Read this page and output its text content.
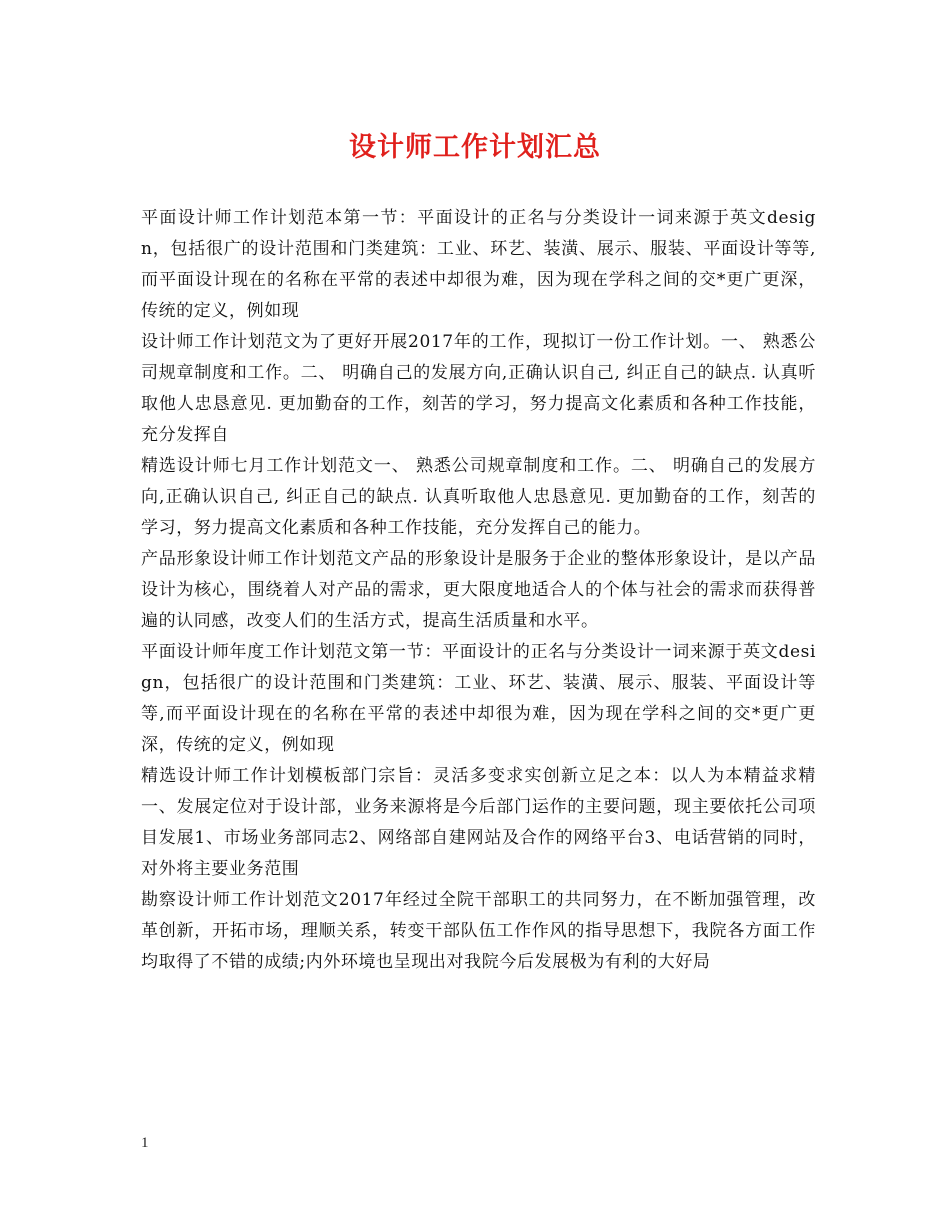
设计师工作计划汇总

平面设计师工作计划范本第一节：平面设计的正名与分类设计一词来源于英文design，包括很广的设计范围和门类建筑：工业、环艺、装潢、展示、服装、平面设计等等,而平面设计现在的名称在平常的表述中却很为难，因为现在学科之间的交*更广更深，传统的定义，例如现

设计师工作计划范文为了更好开展2017年的工作，现拟订一份工作计划。一、 熟悉公司规章制度和工作。二、 明确自己的发展方向,正确认识自己, 纠正自己的缺点. 认真听取他人忠恳意见. 更加勤奋的工作，刻苦的学习，努力提高文化素质和各种工作技能，充分发挥自

精选设计师七月工作计划范文一、 熟悉公司规章制度和工作。二、 明确自己的发展方向,正确认识自己, 纠正自己的缺点. 认真听取他人忠恳意见. 更加勤奋的工作，刻苦的学习，努力提高文化素质和各种工作技能，充分发挥自己的能力。

产品形象设计师工作计划范文产品的形象设计是服务于企业的整体形象设计，是以产品设计为核心，围绕着人对产品的需求，更大限度地适合人的个体与社会的需求而获得普遍的认同感，改变人们的生活方式，提高生活质量和水平。

平面设计师年度工作计划范文第一节：平面设计的正名与分类设计一词来源于英文design，包括很广的设计范围和门类建筑：工业、环艺、装潢、展示、服装、平面设计等等,而平面设计现在的名称在平常的表述中却很为难，因为现在学科之间的交*更广更深，传统的定义，例如现

精选设计师工作计划模板部门宗旨：灵活多变求实创新立足之本：以人为本精益求精一、发展定位对于设计部，业务来源将是今后部门运作的主要问题，现主要依托公司项目发展1、市场业务部同志2、网络部自建网站及合作的网络平台3、电话营销的同时，对外将主要业务范围

勘察设计师工作计划范文2017年经过全院干部职工的共同努力，在不断加强管理，改革创新，开拓市场，理顺关系，转变干部队伍工作作风的指导思想下，我院各方面工作均取得了不错的成绩;内外环境也呈现出对我院今后发展极为有利的大好局

1
